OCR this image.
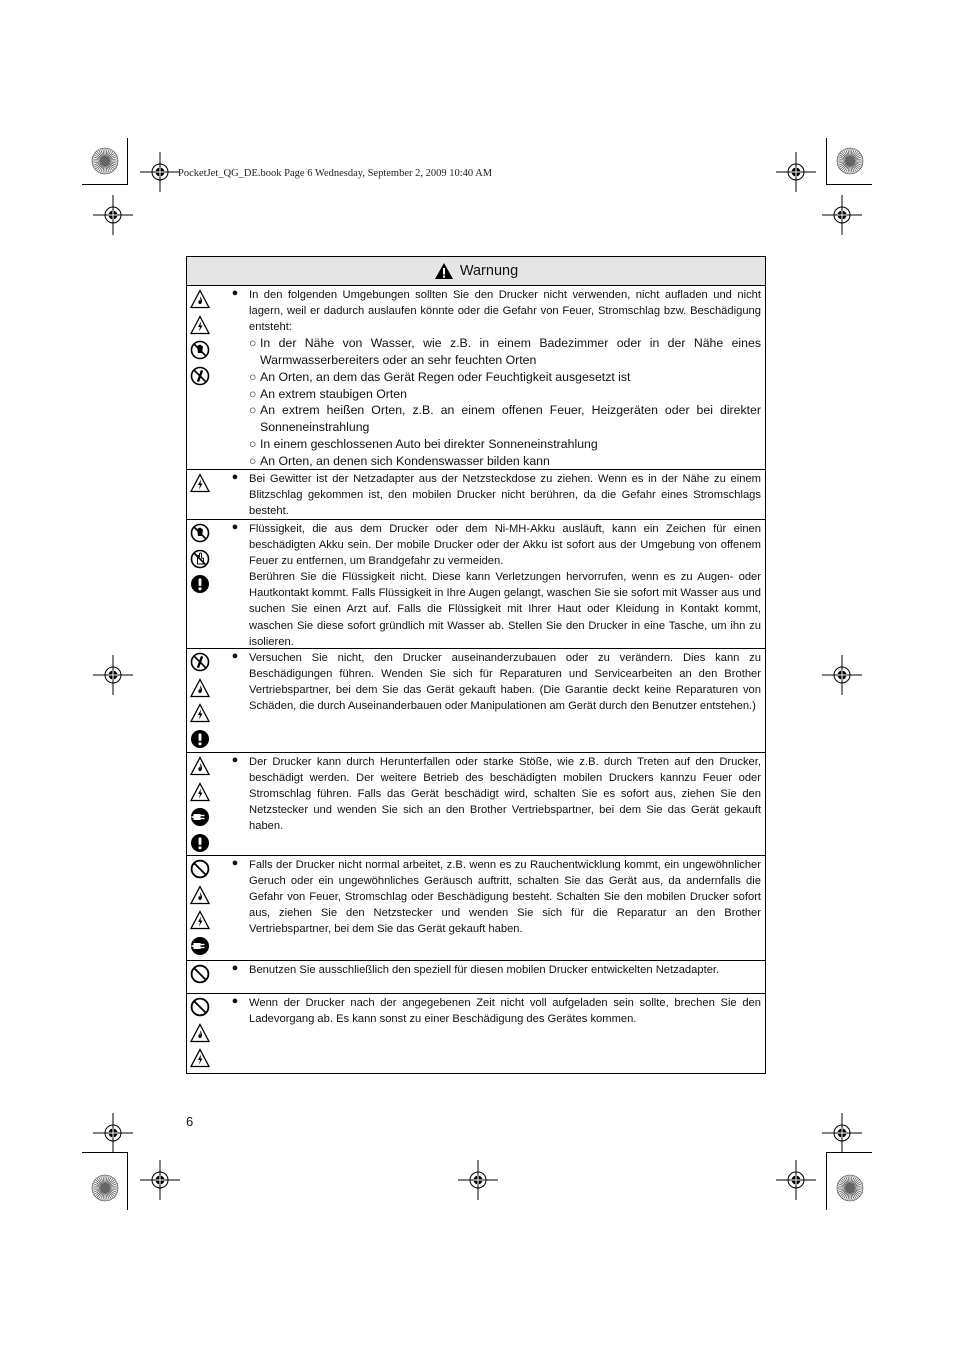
PocketJet_QG_DE.book Page 6 Wednesday, September 2, 2009 10:40 AM
Warnung
● In den folgenden Umgebungen sollten Sie den Drucker nicht verwenden, nicht aufladen und nicht lagern, weil er dadurch auslaufen könnte oder die Gefahr von Feuer, Stromschlag bzw. Beschädigung entsteht:

○ In der Nähe von Wasser, wie z.B. in einem Badezimmer oder in der Nähe eines Warmwasserbereiters oder an sehr feuchten Orten
○ An Orten, an dem das Gerät Regen oder Feuchtigkeit ausgesetzt ist
○ An extrem staubigen Orten
○ An extrem heißen Orten, z.B. an einem offenen Feuer, Heizgeräten oder bei direkter Sonneneinstrahlung
○ In einem geschlossenen Auto bei direkter Sonneneinstrahlung
○ An Orten, an denen sich Kondenswasser bilden kann
● Bei Gewitter ist der Netzadapter aus der Netzsteckdose zu ziehen. Wenn es in der Nähe zu einem Blitzschlag gekommen ist, den mobilen Drucker nicht berühren, da die Gefahr eines Stromschlags besteht.

● Flüssigkeit, die aus dem Drucker oder dem Ni-MH-Akku ausläuft, kann ein Zeichen für einen beschädigten Akku sein. Der mobile Drucker oder der Akku ist sofort aus der Umgebung von offenem Feuer zu entfernen, um Brandgefahr zu vermeiden.

Berühren Sie die Flüssigkeit nicht. Diese kann Verletzungen hervorrufen, wenn es zu Augen- oder Hautkontakt kommt. Falls Flüssigkeit in Ihre Augen gelangt, waschen Sie sie sofort mit Wasser aus und suchen Sie einen Arzt auf. Falls die Flüssigkeit mit Ihrer Haut oder Kleidung in Kontakt kommt, waschen Sie diese sofort gründlich mit Wasser ab. Stellen Sie den Drucker in eine Tasche, um ihn zu isolieren.

● Versuchen Sie nicht, den Drucker auseinanderzubauen oder zu verändern. Dies kann zu Beschädigungen führen. Wenden Sie sich für Reparaturen und Servicearbeiten an den Brother Vertriebspartner, bei dem Sie das Gerät gekauft haben. (Die Garantie deckt keine Reparaturen von Schäden, die durch Auseinanderbauen oder Manipulationen am Gerät durch den Benutzer entstehen.)

● Der Drucker kann durch Herunterfallen oder starke Stöße, wie z.B. durch Treten auf den Drucker, beschädigt werden. Der weitere Betrieb des beschädigten mobilen Druckers kannzu Feuer oder Stromschlag führen. Falls das Gerät beschädigt wird, schalten Sie es sofort aus, ziehen Sie den Netzstecker und wenden Sie sich an den Brother Vertriebspartner, bei dem Sie das Gerät gekauft haben.

● Falls der Drucker nicht normal arbeitet, z.B. wenn es zu Rauchentwicklung kommt, ein ungewöhnlicher Geruch oder ein ungewöhnliches Geräusch auftritt, schalten Sie das Gerät aus, da andernfalls die Gefahr von Feuer, Stromschlag oder Beschädigung besteht. Schalten Sie den mobilen Drucker sofort aus, ziehen Sie den Netzstecker und wenden Sie sich für die Reparatur an den Brother Vertriebspartner, bei dem Sie das Gerät gekauft haben.

● Benutzen Sie ausschließlich den speziell für diesen mobilen Drucker entwickelten Netzadapter.

● Wenn der Drucker nach der angegebenen Zeit nicht voll aufgeladen sein sollte, brechen Sie den Ladevorgang ab. Es kann sonst zu einer Beschädigung des Gerätes kommen.

6
